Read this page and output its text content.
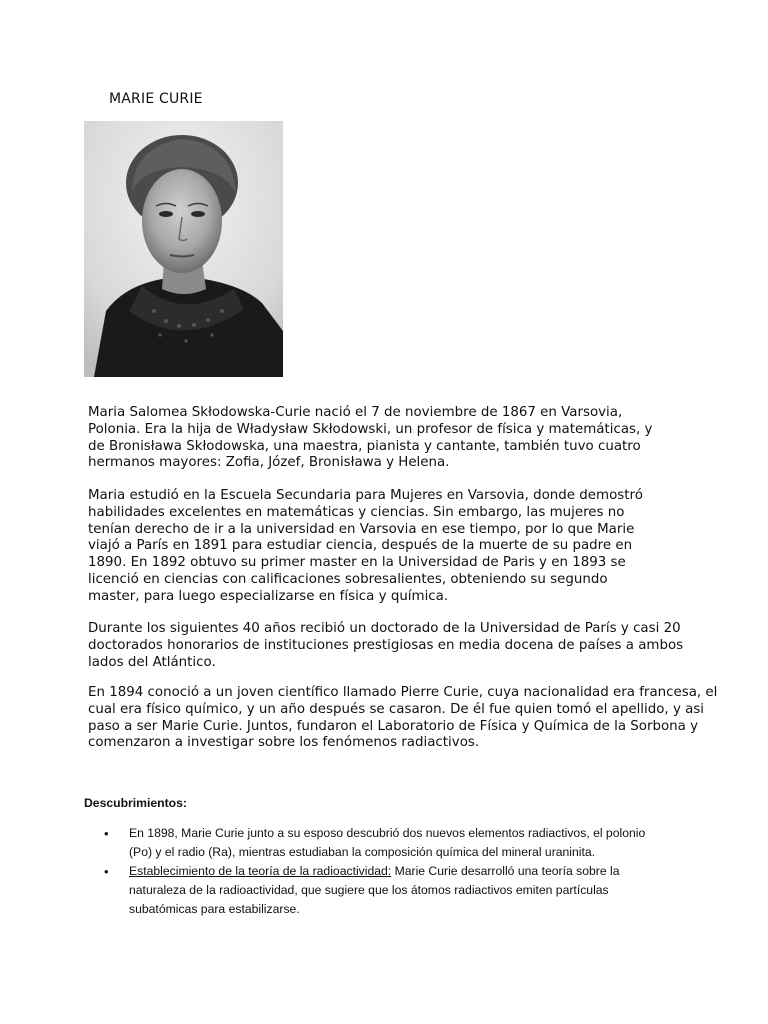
MARIE CURIE

Maria Salomea Skłodowska-Curie nació el 7 de noviembre de 1867 en Varsovia, Polonia. Era la hija de Władysław Skłodowski, un profesor de física y matemáticas, y de Bronisława Skłodowska, una maestra, pianista y cantante, también tuvo cuatro hermanos mayores: Zofia, Józef, Bronisława y Helena.

Maria estudió en la Escuela Secundaria para Mujeres en Varsovia, donde demostró habilidades excelentes en matemáticas y ciencias. Sin embargo, las mujeres no tenían derecho de ir a la universidad en Varsovia en ese tiempo, por lo que Marie viajó a París en 1891 para estudiar ciencia, después de la muerte de su padre en 1890. En 1892 obtuvo su primer master en la Universidad de Paris y en 1893 se licenció en ciencias con calificaciones sobresalientes, obteniendo su segundo master, para luego especializarse en física y química.

Durante los siguientes 40 años recibió un doctorado de la Universidad de París y casi 20 doctorados honorarios de instituciones prestigiosas en media docena de países a ambos lados del Atlántico.

En 1894 conoció a un joven científico llamado Pierre Curie, cuya nacionalidad era francesa, el cual era físico químico, y un año después se casaron. De él fue quien tomó el apellido, y asi paso a ser Marie Curie. Juntos, fundaron el Laboratorio de Física y Química de la Sorbona y comenzaron a investigar sobre los fenómenos radiactivos.

Descubrimientos:
• En 1898, Marie Curie junto a su esposo descubrió dos nuevos elementos radiactivos, el polonio (Po) y el radio (Ra), mientras estudiaban la composición química del mineral uraninita.
• Establecimiento de la teoría de la radioactividad: Marie Curie desarrolló una teoría sobre la naturaleza de la radioactividad, que sugiere que los átomos radiactivos emiten partículas subatómicas para estabilizarse.
